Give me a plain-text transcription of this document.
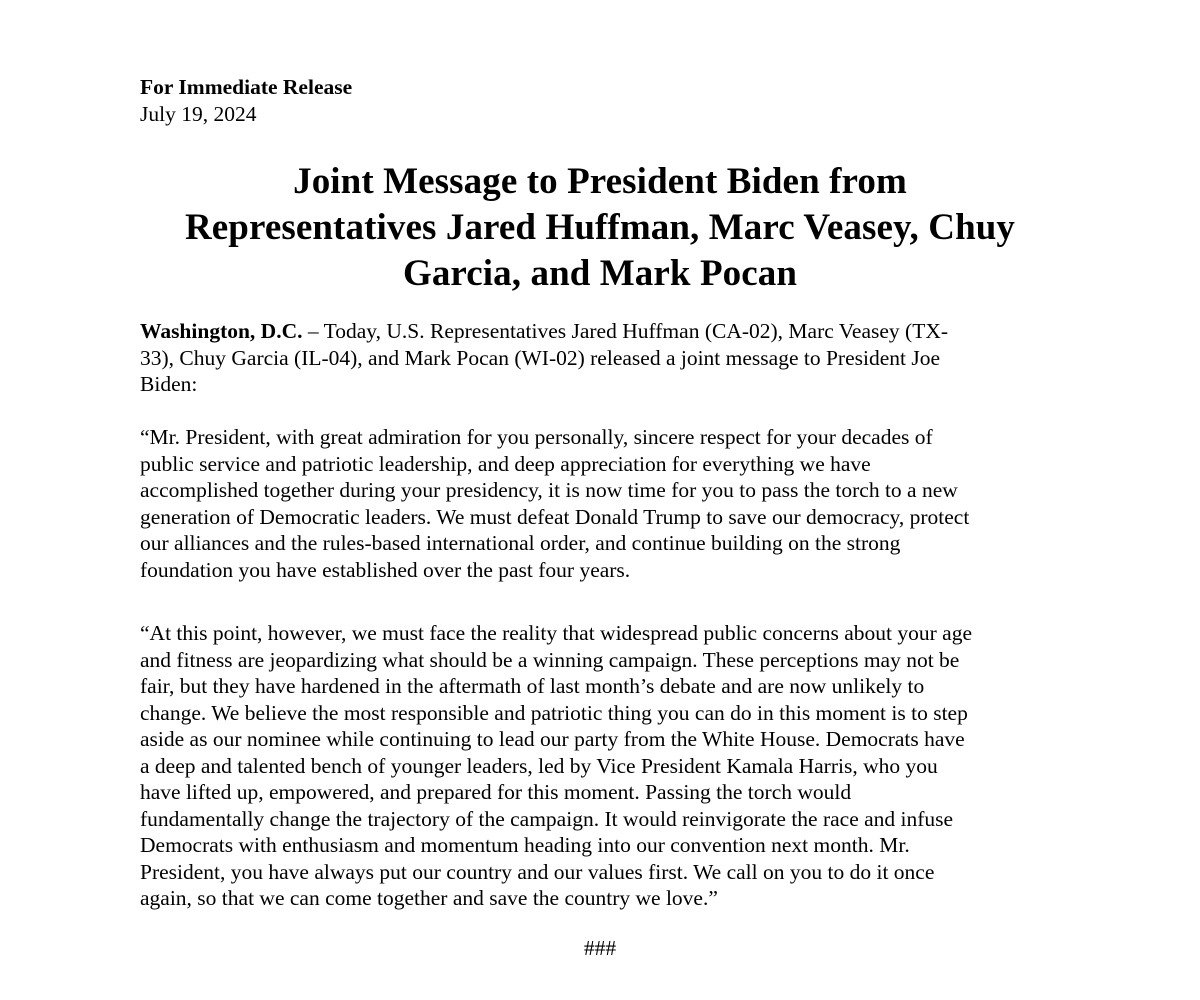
For Immediate Release
July 19, 2024
Joint Message to President Biden from
Representatives Jared Huffman, Marc Veasey, Chuy
Garcia, and Mark Pocan
Washington, D.C. – Today, U.S. Representatives Jared Huffman (CA-02), Marc Veasey (TX-
33), Chuy Garcia (IL-04), and Mark Pocan (WI-02) released a joint message to President Joe
Biden:
“Mr. President, with great admiration for you personally, sincere respect for your decades of
public service and patriotic leadership, and deep appreciation for everything we have
accomplished together during your presidency, it is now time for you to pass the torch to a new
generation of Democratic leaders. We must defeat Donald Trump to save our democracy, protect
our alliances and the rules-based international order, and continue building on the strong
foundation you have established over the past four years.
“At this point, however, we must face the reality that widespread public concerns about your age
and fitness are jeopardizing what should be a winning campaign. These perceptions may not be
fair, but they have hardened in the aftermath of last month’s debate and are now unlikely to
change. We believe the most responsible and patriotic thing you can do in this moment is to step
aside as our nominee while continuing to lead our party from the White House. Democrats have
a deep and talented bench of younger leaders, led by Vice President Kamala Harris, who you
have lifted up, empowered, and prepared for this moment. Passing the torch would
fundamentally change the trajectory of the campaign. It would reinvigorate the race and infuse
Democrats with enthusiasm and momentum heading into our convention next month. Mr.
President, you have always put our country and our values first. We call on you to do it once
again, so that we can come together and save the country we love.”
###
